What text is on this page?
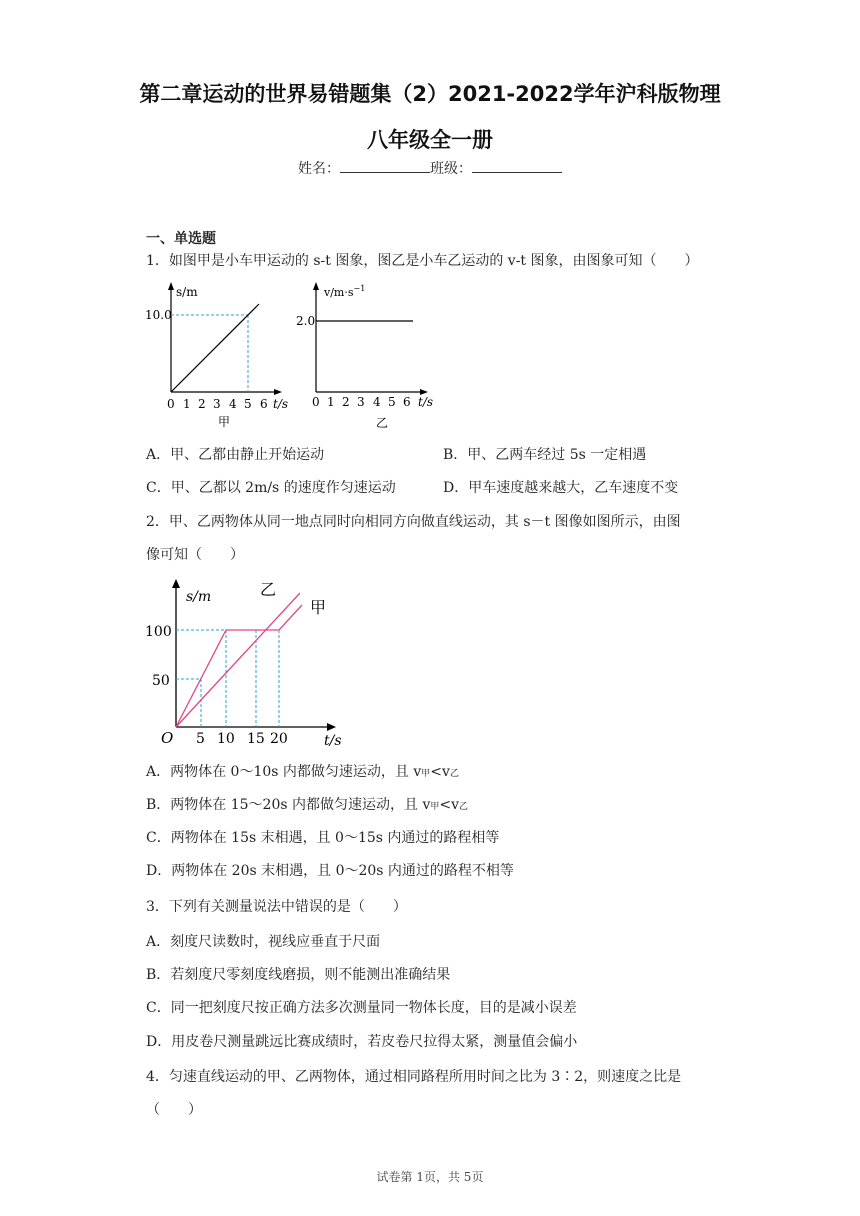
第二章运动的世界易错题集（2）2021-2022学年沪科版物理
八年级全一册
姓名：	班级：
一、单选题
1．如图甲是小车甲运动的 s-t 图象，图乙是小车乙运动的 v-t 图象，由图象可知（　　）
s/m
10.0
0 1 2 3 4 5 6 t/s
甲
$v/m\cdot s^{-1}$
2.0
0 1 2 3 4 5 6 t/s
乙
A．甲、乙都由静止开始运动	B．甲、乙两车经过 5s 一定相遇
C．甲、乙都以 2m/s 的速度作匀速运动	D．甲车速度越来越大，乙车速度不变
2．甲、乙两物体从同一地点同时向相同方向做直线运动，其 s－t 图像如图所示，由图
像可知（　　）
s/m
100
50
O 5 10 15 20	t/s
乙
甲
A．两物体在 0～10s 内都做匀速运动，且 v甲<v乙
B．两物体在 15～20s 内都做匀速运动，且 v甲<v乙
C．两物体在 15s 末相遇，且 0～15s 内通过的路程相等
D．两物体在 20s 末相遇，且 0～20s 内通过的路程不相等
3．下列有关测量说法中错误的是（　　）
A．刻度尺读数时，视线应垂直于尺面
B．若刻度尺零刻度线磨损，则不能测出准确结果
C．同一把刻度尺按正确方法多次测量同一物体长度，目的是减小误差
D．用皮卷尺测量跳远比赛成绩时，若皮卷尺拉得太紧，测量值会偏小
4．匀速直线运动的甲、乙两物体，通过相同路程所用时间之比为 3∶2，则速度之比是
（　　）
试卷第 1页，共 5页
